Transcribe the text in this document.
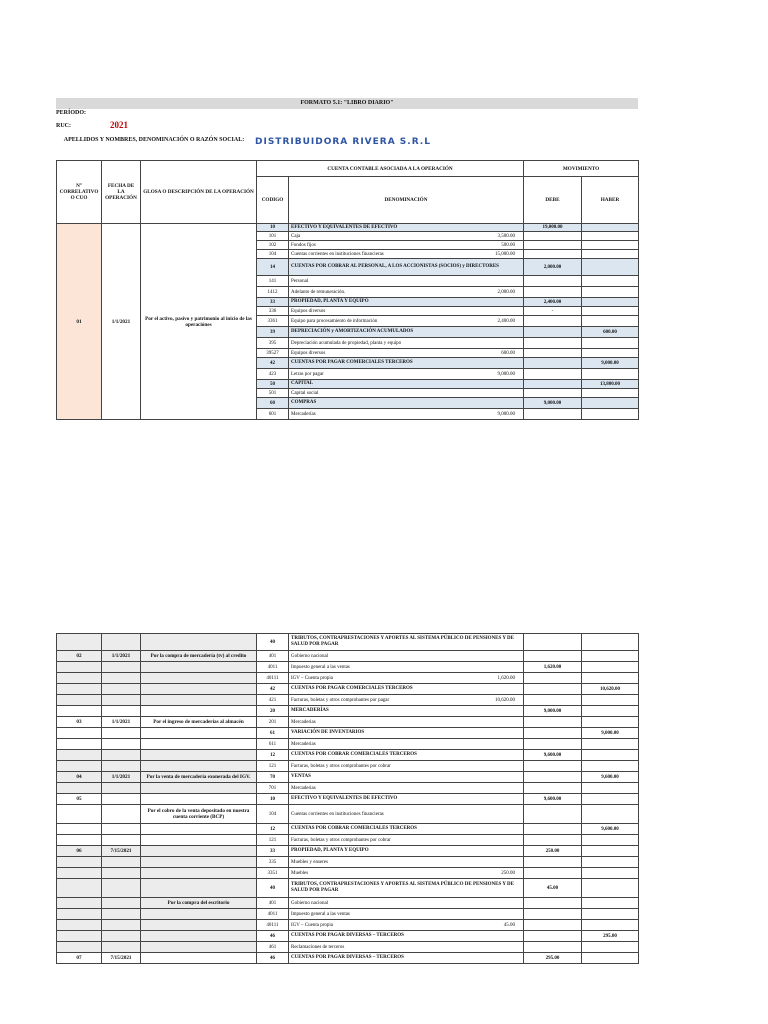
FORMATO 5.1: "LIBRO DIARIO"
PERÍODO:
RUC:	2021
APELLIDOS Y NOMBRES, DENOMINACIÓN O RAZÓN SOCIAL:	DISTRIBUIDORA RIVERA S.R.L
N° CORRELATIVO O CUO	FECHA DE LA OPERACIÓN	GLOSA O DESCRIPCIÓN DE LA OPERACIÓN	CUENTA CONTABLE ASOCIADA A LA OPERACIÓN		MOVIMIENTO	
			CODIGO	DENOMINACIÓN	DEBE	HABER
01	1/1/2021	Por el activo, pasivo y patrimonio al inicio de las operaciónes	10	EFECTIVO Y EQUIVALENTES DE EFECTIVO	19,000.00	
			101	Caja 3,500.00		

			102	Fondos fijos 500.00		

			104	Cuentas corrientes en instituciones financieras 15,000.00		

			14	CUENTAS POR COBRAR AL PERSONAL, A LOS ACCIONISTAS (SOCIOS) y DIRECTORES	2,000.00	
			141	Personal		

			1412	Adelanto de remuneración. 2,000.00		

			33	PROPIEDAD, PLANTA Y EQUIPO	2,400.00	
			336	Equipos diversos	-	
			3361	Equipo para procesamiento de información 2,400.00		

			39	DEPRECIACIÓN y AMORTIZACIÓN ACUMULADOS		600.00
			395	Depreciación acumulada de propiedad, planta y equipo		

			39527	Equipos diversos 600.00		

			42	CUENTAS POR PAGAR COMERCIALES TERCEROS		9,000.00
			423	Letras por pagar 9,000.00		

			50	CAPITAL		13,800.00
			501	Capital social		

			60	COMPRAS	9,000.00	
			601	Mercaderías 9,000.00		

			40	TRIBUTOS, CONTRAPRESTACIONES Y APORTES AL SISTEMA PÚBLICO DE PENSIONES Y DE SALUD POR PAGAR		

02	1/1/2021	Por la compra de mercadería (tv) al credito	401	Gobierno nacional		

			4011	Impuesto general a las ventas	1,620.00	
			40111	IGV – Cuenta propia 1,620.00		

			42	CUENTAS POR PAGAR COMERCIALES TERCEROS		10,620.00
			421	Facturas, boletas y otros comprobantes por pagar 10,620.00		

			20	MERCADERÍAS	9,000.00	
03	1/1/2021	Por el ingreso de mercaderias al almacén	201	Mercaderias		

			61	VARIACIÓN DE INVENTARIOS		9,000.00
			611	Mercaderias		

			12	CUENTAS POR COBRAR COMERCIALES TERCEROS	9,600.00	
			121	Facturas, boletas y otros comprobantes por cobrar		

04	1/1/2021	Por la venta de mercadería exonerada del IGV.	70	VENTAS		9,600.00
			701	Mercaderias		

05			10	EFECTIVO Y EQUIVALENTES DE EFECTIVO	9,600.00	
		Por el cobro de la venta depositado en nuestra cuenta corriente (BCP)	104	Cuentas corrientes en instituciones financieras		

			12	CUENTAS POR COBRAR COMERCIALES TERCEROS		9,600.00
			121	Facturas, boletas y otros comprobantes por cobrar		

06	7/15/2021		33	PROPIEDAD, PLANTA Y EQUIPO	250.00	
			335	Muebles y enseres		

			3351	Muebles 250.00		

			40	TRIBUTOS, CONTRAPRESTACIONES Y APORTES AL SISTEMA PÚBLICO DE PENSIONES Y DE SALUD POR PAGAR	45.00	
		Por la compra del escritorio	401	Gobierno nacional		

			4011	Impuesto general a las ventas		

			40111	IGV – Cuenta propia 45.00		

			46	CUENTAS POR PAGAR DIVERSAS – TERCEROS		295.00
			461	Reclamaciones de terceros		

07	7/15/2021		46	CUENTAS POR PAGAR DIVERSAS – TERCEROS	295.00	
